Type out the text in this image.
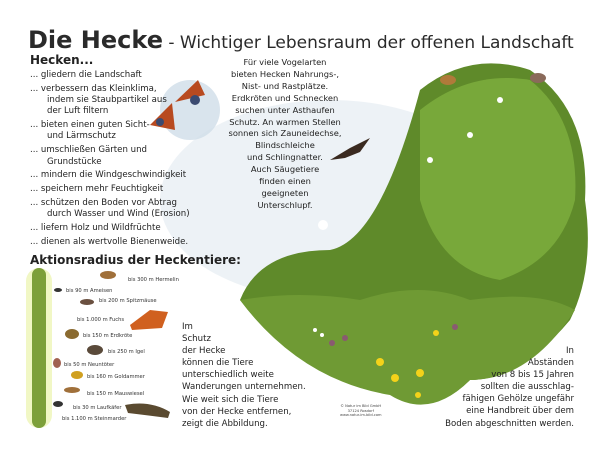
Die Hecke - Wichtiger Lebensraum der offenen Landschaft
Hecken...
... gliedern die Landschaft
... verbessern das Kleinklima, indem sie Staubpartikel aus der Luft filtern
... bieten einen guten Sicht- und Lärmschutz
... umschließen Gärten und Grundstücke
... mindern die Windgeschwindigkeit
... speichern mehr Feuchtigkeit
... schützen den Boden vor Abtrag durch Wasser und Wind (Erosion)
... liefern Holz und Wildfrüchte
... dienen als wertvolle Bienenweide.
Aktionsradius der Heckentiere:
bis 300 m Hermelin
bis 90 m Ameisen
bis 200 m Spitzmäuse
bis 1.000 m Fuchs
bis 150 m Erdkröte
bis 250 m Igel
bis 50 m Neuntöter
bis 160 m Goldammer
bis 150 m Mauswiesel
bis 30 m Laufkäfer
bis 1.100 m Steinmarder
Für viele Vogelarten
bieten Hecken Nahrungs-,
Nist- und Rastplätze.
Erdkröten und Schnecken
suchen unter Asthaufen
Schutz. An warmen Stellen
sonnen sich Zauneidechse,
Blindschleiche
und Schlingnatter.
Auch Säugetiere
finden einen
geeigneten
Unterschlupf.
Im
Schutz
der Hecke
können die Tiere
unterschiedlich weite
Wanderungen unternehmen.
Wie weit sich die Tiere
von der Hecke entfernen,
zeigt die Abbildung.
In
Abständen
von 8 bis 15 Jahren
sollten die ausschlag-
fähigen Gehölze ungefähr
eine Handbreit über dem
Boden abgeschnitten werden.
© Natur im Bild GmbH
37124 Rosdorf
www.natur-im-bild.com
